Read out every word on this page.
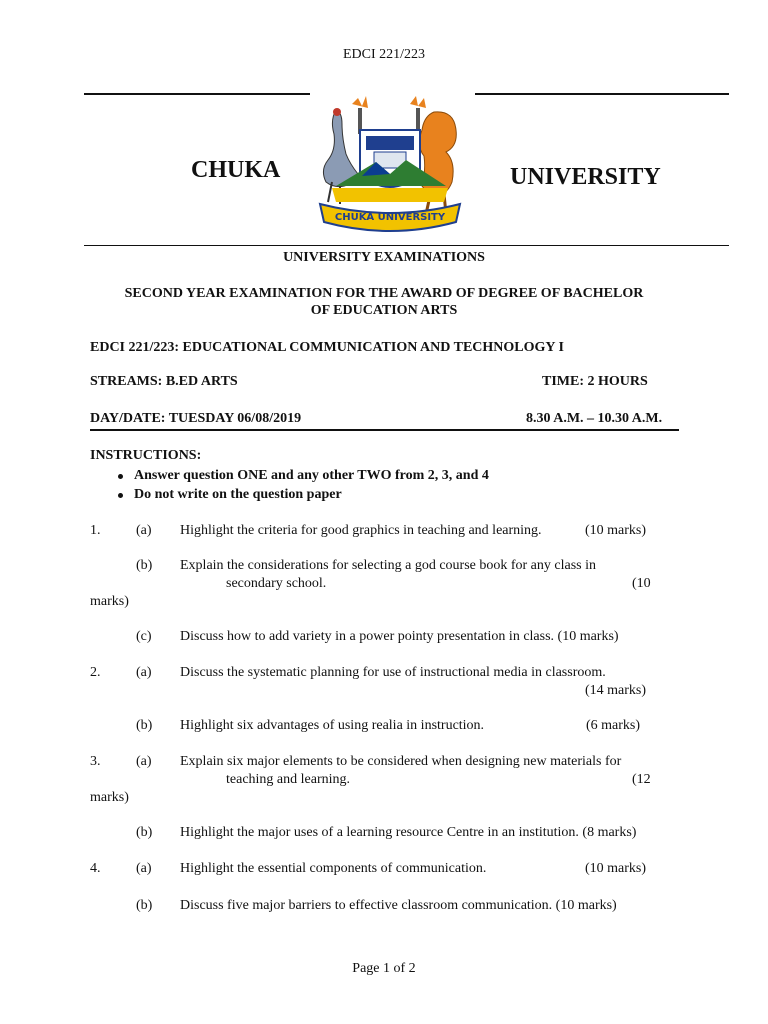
EDCI 221/223
CHUKA	UNIVERSITY
CHUKA UNIVERSITY
UNIVERSITY EXAMINATIONS
SECOND YEAR EXAMINATION FOR THE AWARD OF DEGREE OF BACHELOR
OF EDUCATION ARTS
EDCI 221/223: EDUCATIONAL COMMUNICATION AND TECHNOLOGY I
STREAMS: B.ED ARTS	TIME: 2 HOURS
DAY/DATE: TUESDAY 06/08/2019	8.30 A.M. – 10.30 A.M.
INSTRUCTIONS:
Answer question ONE and any other TWO from 2, 3, and 4
Do not write on the question paper
1.	(a) Highlight the criteria for good graphics in teaching and learning.	(10 marks)
(b) Explain the considerations for selecting a god course book for any class in
secondary school.	(10
marks)
(c) Discuss how to add variety in a power pointy presentation in class. (10 marks)
2.	(a) Discuss the systematic planning for use of instructional media in classroom.
(14 marks)
(b) Highlight six advantages of using realia in instruction.	(6 marks)
3.	(a) Explain six major elements to be considered when designing new materials for
teaching and learning.	(12
marks)
(b) Highlight the major uses of a learning resource Centre in an institution. (8 marks)
4.	(a) Highlight the essential components of communication.	(10 marks)
(b) Discuss five major barriers to effective classroom communication. (10 marks)
Page 1 of 2
